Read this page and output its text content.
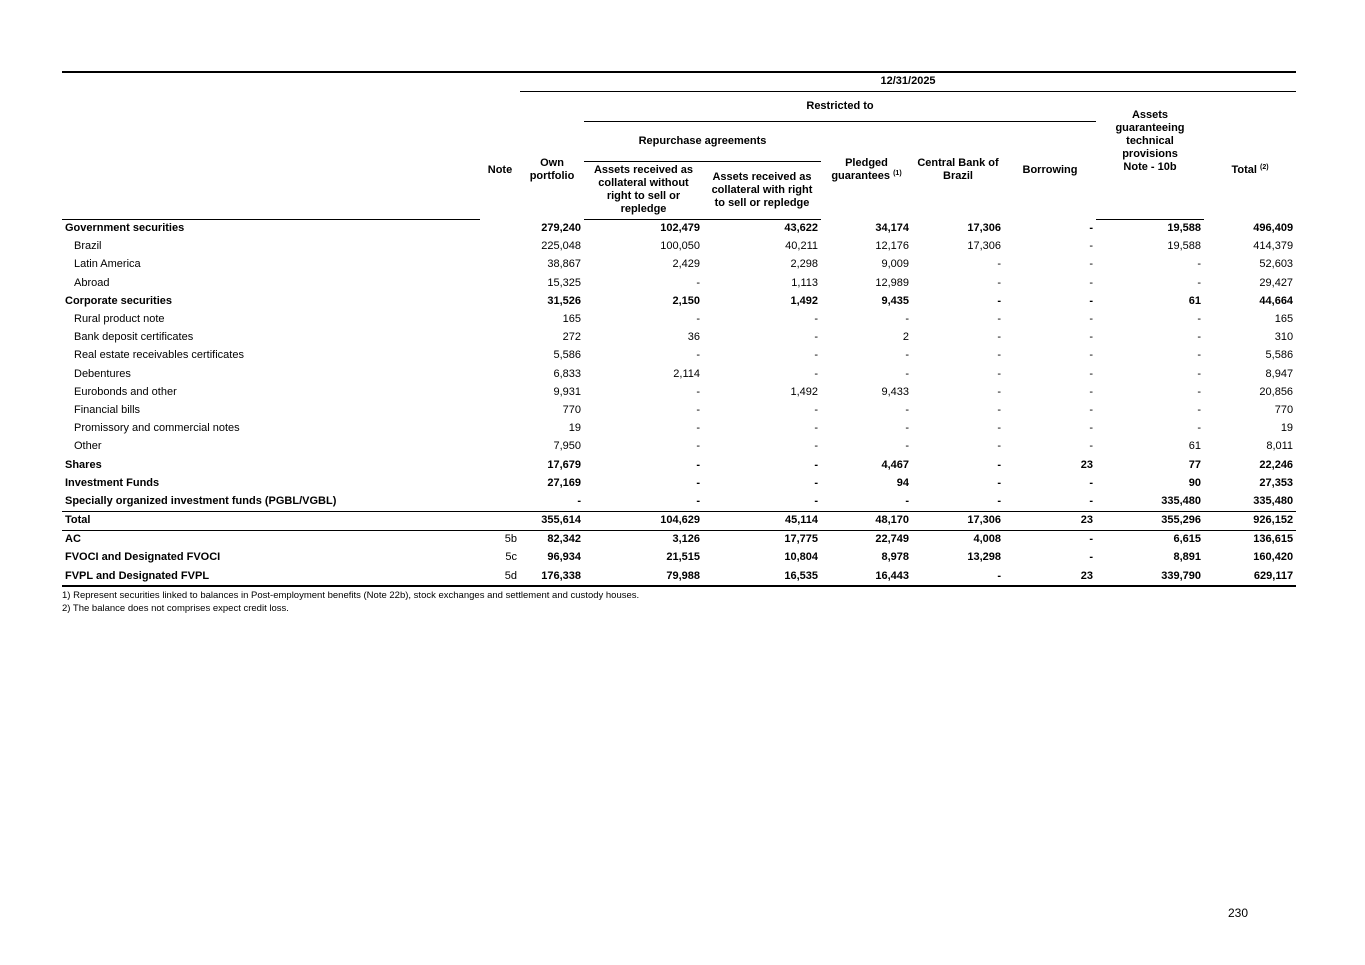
		12/31/2025							
			Restricted to					Assets guaranteeing technical provisions	
	Note	Own portfolio	Repurchase agreements		Pledged guarantees $^{(1)}$	Central Bank of Brazil	Borrowing		Total $^{(2)}$
			Assets received as collateral without right to sell or repledge	Assets received as collateral with right to sell or repledge				Note - 10b	
Government securities		279,240	102,479	43,622	34,174	17,306	-	19,588	496,409
Brazil		225,048	100,050	40,211	12,176	17,306	-	19,588	414,379
Latin America		38,867	2,429	2,298	9,009	-	-	-	52,603
Abroad		15,325	-	1,113	12,989	-	-	-	29,427
Corporate securities		31,526	2,150	1,492	9,435	-	-	61	44,664
Rural product note		165	-	-	-	-	-	-	165
Bank deposit certificates		272	36	-	2	-	-	-	310
Real estate receivables certificates		5,586	-	-	-	-	-	-	5,586
Debentures		6,833	2,114	-	-	-	-	-	8,947
Eurobonds and other		9,931	-	1,492	9,433	-	-	-	20,856
Financial bills		770	-	-	-	-	-	-	770
Promissory and commercial notes		19	-	-	-	-	-	-	19
Other		7,950	-	-	-	-	-	61	8,011
Shares		17,679	-	-	4,467	-	23	77	22,246
Investment Funds		27,169	-	-	94	-	-	90	27,353
Specially organized investment funds (PGBL/VGBL)		-	-	-	-	-	-	335,480	335,480
Total		355,614	104,629	45,114	48,170	17,306	23	355,296	926,152
AC	5b	82,342	3,126	17,775	22,749	4,008	-	6,615	136,615
FVOCI and Designated FVOCI	5c	96,934	21,515	10,804	8,978	13,298	-	8,891	160,420
FVPL and Designated FVPL	5d	176,338	79,988	16,535	16,443	-	23	339,790	629,117
1) Represent securities linked to balances in Post-employment benefits (Note 22b), stock exchanges and settlement and custody houses.
2) The balance does not comprises expect credit loss.
230
